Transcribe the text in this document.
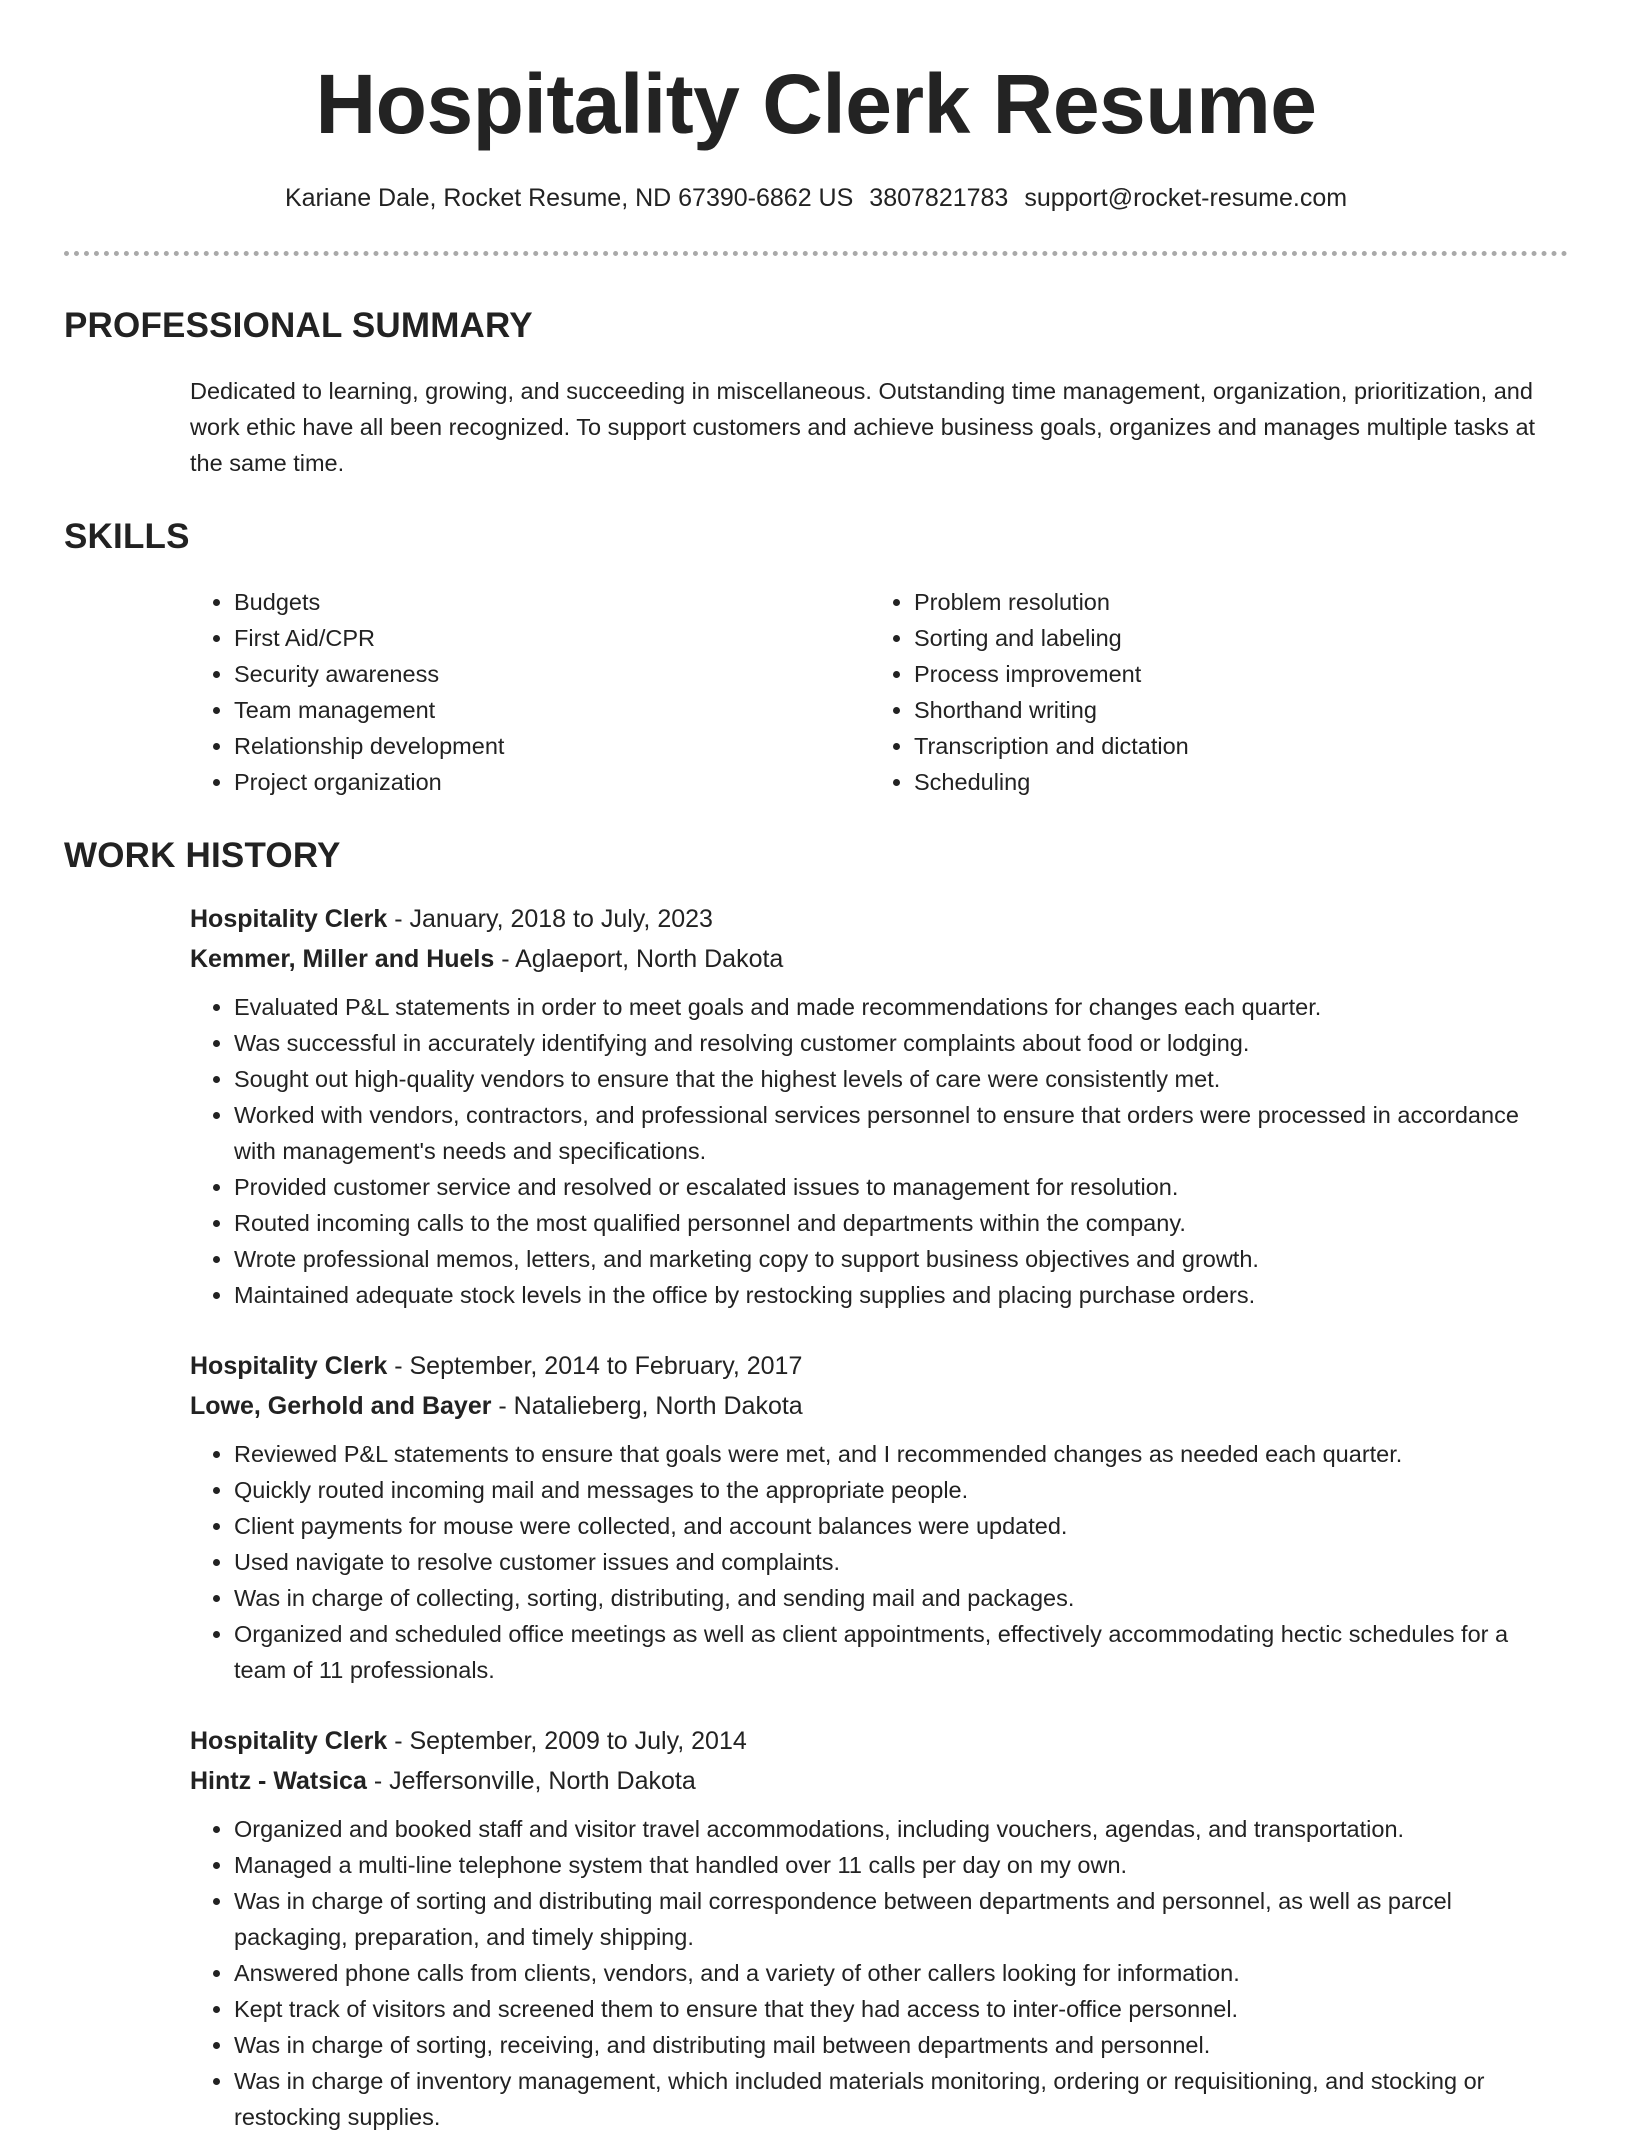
Hospitality Clerk Resume
Kariane Dale, Rocket Resume, ND 67390-6862 US 3807821783 support@rocket-resume.com
PROFESSIONAL SUMMARY

Dedicated to learning, growing, and succeeding in miscellaneous. Outstanding time management, organization, prioritization, and work ethic have all been recognized. To support customers and achieve business goals, organizes and manages multiple tasks at the same time.

SKILLS
• Budgets
• First Aid/CPR
• Security awareness
• Team management
• Relationship development
• Project organization
• Problem resolution
• Sorting and labeling
• Process improvement
• Shorthand writing
• Transcription and dictation
• Scheduling
WORK HISTORY
Hospitality Clerk - January, 2018 to July, 2023
Kemmer, Miller and Huels - Aglaeport, North Dakota
• Evaluated P&L statements in order to meet goals and made recommendations for changes each quarter.
• Was successful in accurately identifying and resolving customer complaints about food or lodging.
• Sought out high-quality vendors to ensure that the highest levels of care were consistently met.
• Worked with vendors, contractors, and professional services personnel to ensure that orders were processed in accordance with management's needs and specifications.
• Provided customer service and resolved or escalated issues to management for resolution.
• Routed incoming calls to the most qualified personnel and departments within the company.
• Wrote professional memos, letters, and marketing copy to support business objectives and growth.
• Maintained adequate stock levels in the office by restocking supplies and placing purchase orders.
Hospitality Clerk - September, 2014 to February, 2017
Lowe, Gerhold and Bayer - Natalieberg, North Dakota
• Reviewed P&L statements to ensure that goals were met, and I recommended changes as needed each quarter.
• Quickly routed incoming mail and messages to the appropriate people.
• Client payments for mouse were collected, and account balances were updated.
• Used navigate to resolve customer issues and complaints.
• Was in charge of collecting, sorting, distributing, and sending mail and packages.
• Organized and scheduled office meetings as well as client appointments, effectively accommodating hectic schedules for a team of 11 professionals.
Hospitality Clerk - September, 2009 to July, 2014
Hintz - Watsica - Jeffersonville, North Dakota
• Organized and booked staff and visitor travel accommodations, including vouchers, agendas, and transportation.
• Managed a multi-line telephone system that handled over 11 calls per day on my own.
• Was in charge of sorting and distributing mail correspondence between departments and personnel, as well as parcel packaging, preparation, and timely shipping.
• Answered phone calls from clients, vendors, and a variety of other callers looking for information.
• Kept track of visitors and screened them to ensure that they had access to inter-office personnel.
• Was in charge of sorting, receiving, and distributing mail between departments and personnel.
• Was in charge of inventory management, which included materials monitoring, ordering or requisitioning, and stocking or restocking supplies.
